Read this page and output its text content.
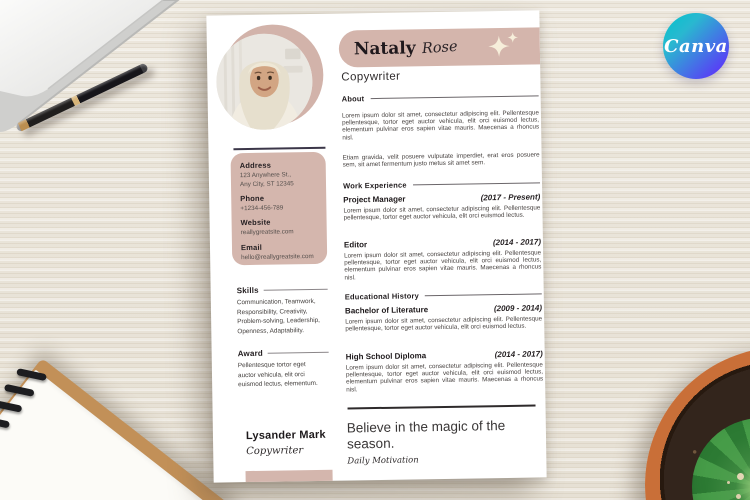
Canva
Address
123 Anywhere St.,
Any City, ST 12345
Phone
+1234-456-789
Website
reallygreatsite.com
Email
hello@reallygreatsite.com
Skills
Communication, Teamwork, Responsibility, Creativity, Problem-solving, Leadership, Openness, Adaptability.
Award
Pellentesque tortor eget auctor vehicula, elit orci euismod lectus, elementum.
Lysander Mark
Copywriter
Nataly Rose
Copywriter
About
Lorem ipsum dolor sit amet, consectetur adipiscing elit. Pellentesque pellentesque, tortor eget auctor vehicula, elit orci euismod lectus, elementum pulvinar eros sapien vitae mauris. Maecenas a rhoncus nisl.
Etiam gravida, velit posuere vulputate imperdiet, erat eros posuere sem, sit amet fermentum justo metus sit amet sem.
Work Experience
Project Manager	(2017 - Present)
Lorem ipsum dolor sit amet, consectetur adipiscing elit. Pellentesque pellentesque, tortor eget auctor vehicula, elit orci euismod lectus.
Editor	(2014 - 2017)
Lorem ipsum dolor sit amet, consectetur adipiscing elit. Pellentesque pellentesque, tortor eget auctor vehicula, elit orci euismod lectus, elementum pulvinar eros sapien vitae mauris. Maecenas a rhoncus nisl.
Educational History
Bachelor of Literature	(2009 - 2014)
Lorem ipsum dolor sit amet, consectetur adipiscing elit. Pellentesque pellentesque, tortor eget auctor vehicula, elit orci euismod lectus.
High School Diploma	(2014 - 2017)
Lorem ipsum dolor sit amet, consectetur adipiscing elit. Pellentesque pellentesque, tortor eget auctor vehicula, elit orci euismod lectus, elementum pulvinar eros sapien vitae mauris. Maecenas a rhoncus nisl.
Believe in the magic of the season.
Daily Motivation
